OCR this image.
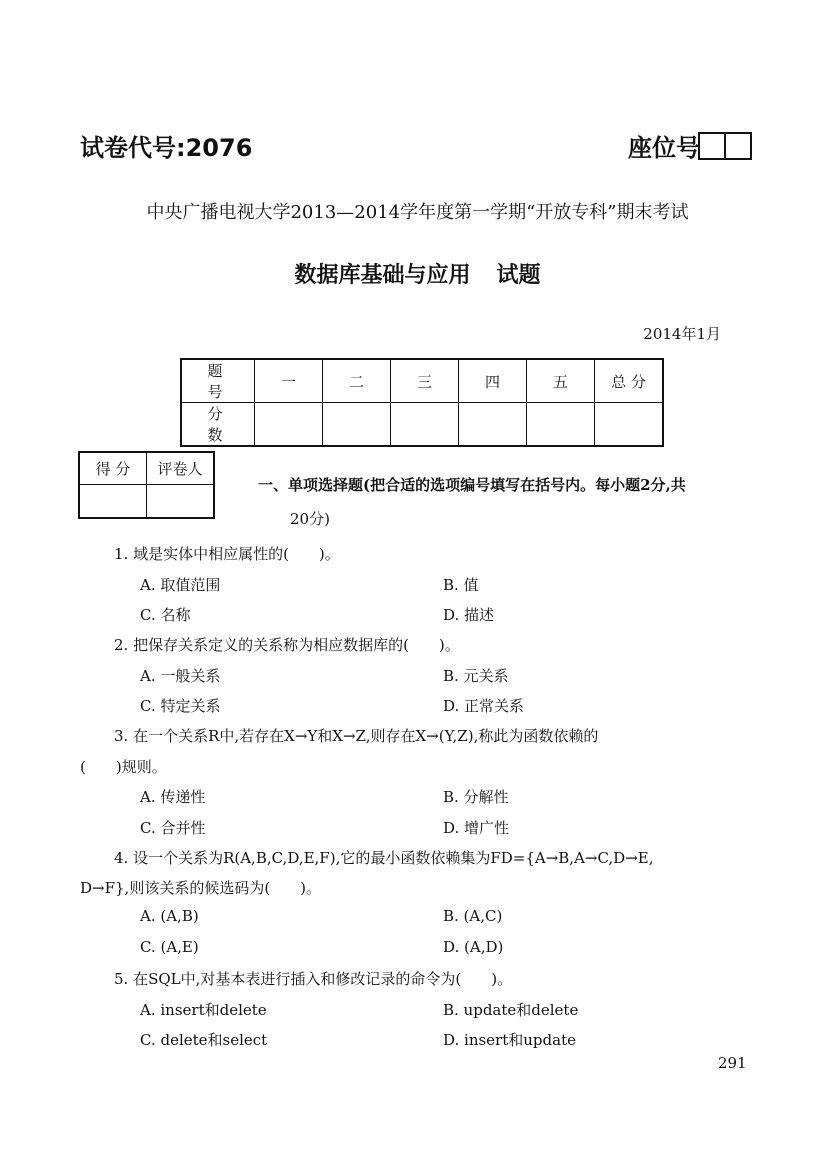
试卷代号:2076	座位号
中央广播电视大学2013—2014学年度第一学期“开放专科”期末考试
数据库基础与应用 试题
2014年1月
题 号	一	二	三	四	五	总 分
分 数						
得 分	评卷人

一、单项选择题(把合适的选项编号填写在括号内。每小题2分,共
20分)
1. 域是实体中相应属性的(　　)。
A. 取值范围	B. 值
C. 名称	D. 描述
2. 把保存关系定义的关系称为相应数据库的(　　)。
A. 一般关系	B. 元关系
C. 特定关系	D. 正常关系
3. 在一个关系R中,若存在X→Y和X→Z,则存在X→(Y,Z),称此为函数依赖的
(　　)规则。
A. 传递性	B. 分解性
C. 合并性	D. 增广性
4. 设一个关系为R(A,B,C,D,E,F),它的最小函数依赖集为FD={A→B,A→C,D→E,
D→F},则该关系的候选码为(　　)。
A. (A,B)	B. (A,C)
C. (A,E)	D. (A,D)
5. 在SQL中,对基本表进行插入和修改记录的命令为(　　)。
A. insert和delete	B. update和delete
C. delete和select	D. insert和update
291
